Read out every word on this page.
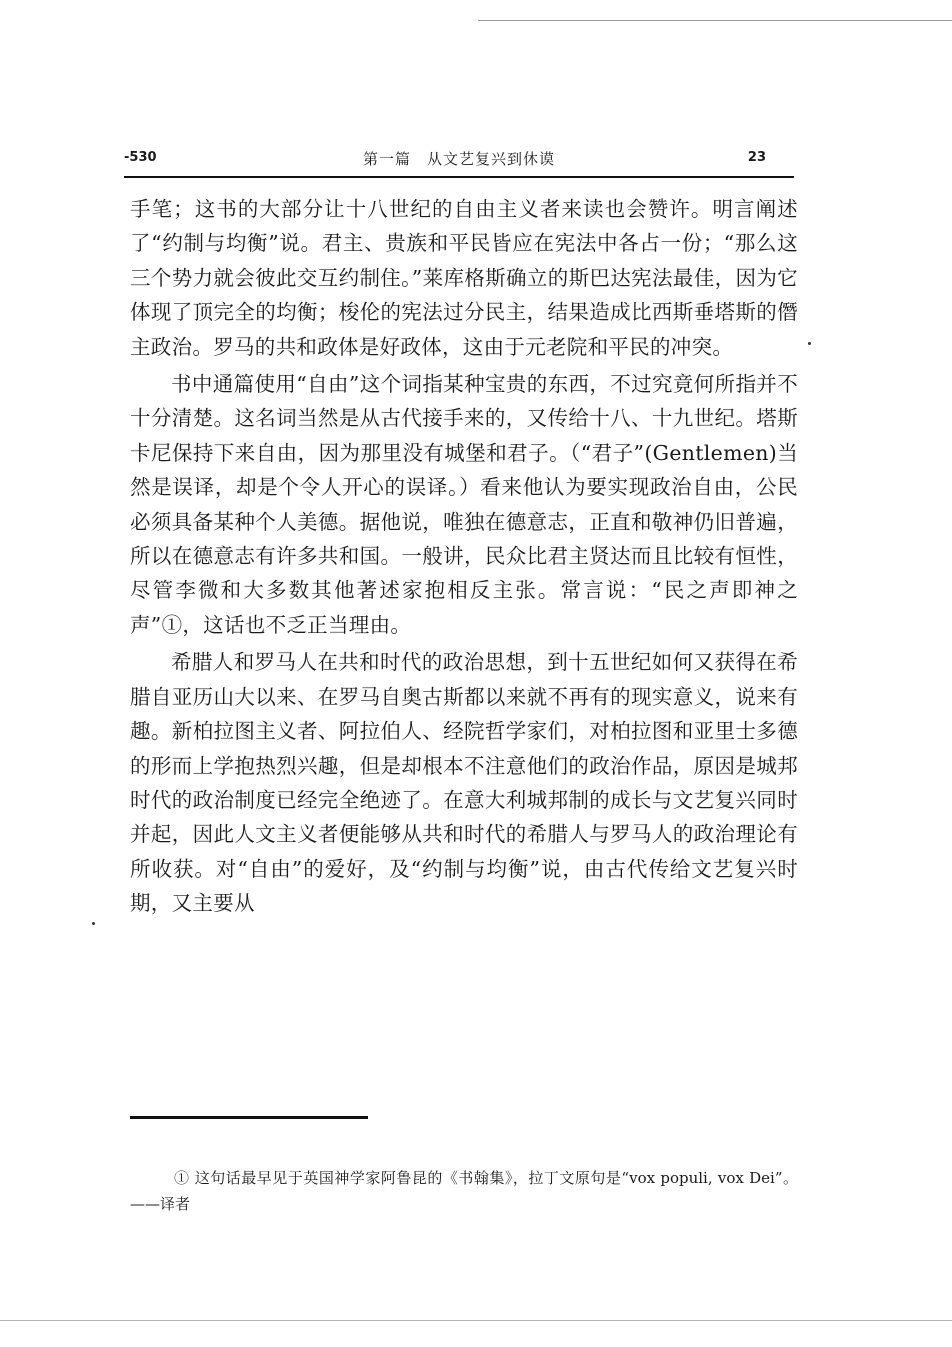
-530	第一篇　从文艺复兴到休谟	23

手笔；这书的大部分让十八世纪的自由主义者来读也会赞许。明言阐述了“约制与均衡”说。君主、贵族和平民皆应在宪法中各占一份；“那么这三个势力就会彼此交互约制住。”莱库格斯确立的斯巴达宪法最佳，因为它体现了顶完全的均衡；梭伦的宪法过分民主，结果造成比西斯垂塔斯的僭主政治。罗马的共和政体是好政体，这由于元老院和平民的冲突。

书中通篇使用“自由”这个词指某种宝贵的东西，不过究竟何所指并不十分清楚。这名词当然是从古代接手来的，又传给十八、十九世纪。塔斯卡尼保持下来自由，因为那里没有城堡和君子。（“君子”(Gentlemen)当然是误译，却是个令人开心的误译。）看来他认为要实现政治自由，公民必须具备某种个人美德。据他说，唯独在德意志，正直和敬神仍旧普遍，所以在德意志有许多共和国。一般讲，民众比君主贤达而且比较有恒性，尽管李微和大多数其他著述家抱相反主张。常言说：“民之声即神之声”①，这话也不乏正当理由。

希腊人和罗马人在共和时代的政治思想，到十五世纪如何又获得在希腊自亚历山大以来、在罗马自奥古斯都以来就不再有的现实意义，说来有趣。新柏拉图主义者、阿拉伯人、经院哲学家们，对柏拉图和亚里士多德的形而上学抱热烈兴趣，但是却根本不注意他们的政治作品，原因是城邦时代的政治制度已经完全绝迹了。在意大利城邦制的成长与文艺复兴同时并起，因此人文主义者便能够从共和时代的希腊人与罗马人的政治理论有所收获。对“自由”的爱好，及“约制与均衡”说，由古代传给文艺复兴时期，又主要从

① 这句话最早见于英国神学家阿鲁昆的《书翰集》，拉丁文原句是“vox populi, vox Dei”。——译者
